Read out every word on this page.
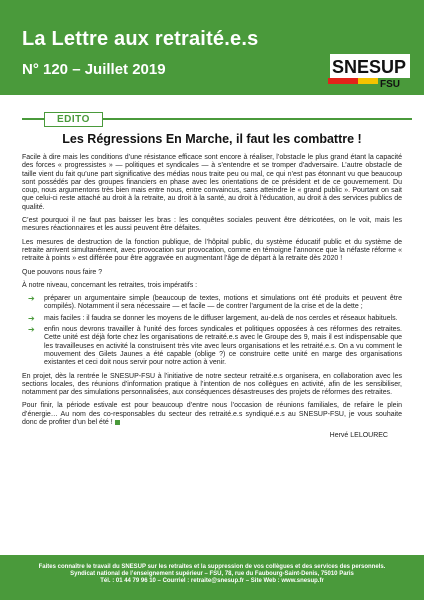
La Lettre aux retraité.e.s
N° 120 – Juillet 2019	SNESUP
FSU
EDITO
Les Régressions En Marche, il faut les combattre !

Facile à dire mais les conditions d’une résistance efficace sont encore à réaliser, l’obstacle le plus grand étant la capacité des forces « progressistes » — politiques et syndicales — à s’entendre et se tromper d’adversaire. L’autre obstacle de taille vient du fait qu’une part significative des médias nous traite peu ou mal, ce qui n’est pas étonnant vu que beaucoup sont possédés par des groupes financiers en phase avec les orientations de ce président et de ce gouvernement. Du coup, nous argumentons très bien mais entre nous, entre convaincus, sans atteindre le « grand public ». Pourtant on sait que celui-ci reste attaché au droit à la retraite, au droit à la santé, au droit à l’éducation, au droit à des services publics de qualité.

C’est pourquoi il ne faut pas baisser les bras : les conquêtes sociales peuvent être détricotées, on le voit, mais les mesures réactionnaires et les aussi peuvent être défaites.

Les mesures de destruction de la fonction publique, de l’hôpital public, du système éducatif public et du système de retraite arrivent simultanément, avec provocation sur provocation, comme en témoigne l’annonce que la néfaste réforme « retraite à points » est différée pour être aggravée en augmentant l’âge de départ à la retraite dès 2020 !

Que pouvons nous faire ?

À notre niveau, concernant les retraites, trois impératifs :

➔ préparer un argumentaire simple (beaucoup de textes, motions et simulations ont été produits et peuvent être compilés). Notamment il sera nécessaire — et facile — de contrer l’argument de la crise et de la dette ;
➔ mais faciles : il faudra se donner les moyens de le diffuser largement, au-delà de nos cercles et réseaux habituels.
➔ enfin nous devrons travailler à l’unité des forces syndicales et politiques opposées à ces réformes des retraites. Cette unité est déjà forte chez les organisations de retraité.e.s avec le Groupe des 9, mais il est indispensable que les travailleuses en activité la construisent très vite avec leurs organisations et les retraité.e.s. On a vu comment le mouvement des Gilets Jaunes a été capable (oblige ?) ce construire cette unité en marge des organisations existantes et ceci doit nous servir pour notre action à venir.

En projet, dès la rentrée le SNESUP-FSU à l’initiative de notre secteur retraité.e.s organisera, en collaboration avec les sections locales, des réunions d’information pratique à l’intention de nos collègues en activité, afin de les sensibiliser, notamment par des simulations personnalisées, aux conséquences désastreuses des projets de réformes des retraites.

Pour finir, la période estivale est pour beaucoup d’entre nous l’occasion de réunions familiales, de refaire le plein d’énergie… Au nom des co-responsables du secteur des retraité.e.s syndiqué.e.s au SNESUP-FSU, je vous souhaite donc de profiter d’un bel été !

Hervé LELOUREC
Faites connaître le travail du SNESUP sur les retraites et la suppression de vos collègues et des services des personnels.
Syndicat national de l’enseignement supérieur – FSU, 78, rue du Faubourg-Saint-Denis, 75010 Paris
Tél. : 01 44 79 96 10 – Courriel : retraite@snesup.fr – Site Web : www.snesup.fr
